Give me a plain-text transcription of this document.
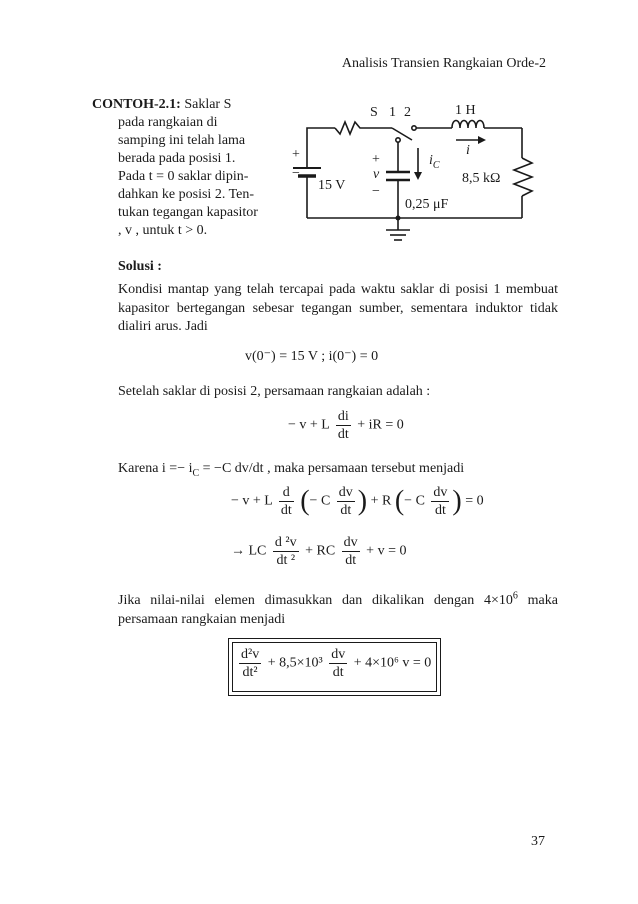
Analisis Transien Rangkaian Orde-2
CONTOH-2.1: Saklar S
pada rangkaian di
samping ini telah lama
berada pada posisi 1.
Pada t = 0 saklar dipin-
dahkan ke posisi 2. Ten-
tukan tegangan kapasitor
, v , untuk t > 0.
S 1 2	1 H
i
$i_C$
+
−
15 V
+
v
−
0,25 μF
8,5 kΩ
Solusi :
Kondisi mantap yang telah tercapai pada waktu saklar di posisi 1 membuat kapasitor bertegangan sebesar tegangan sumber, sementara induktor tidak dialiri arus. Jadi
v(0⁻) = 15 V ; i(0⁻) = 0
Setelah saklar di posisi 2, persamaan rangkaian adalah :
− v + L $\frac{di}{dt}$ + iR = 0
Karena $i =- i_C = -C$ dv/dt , maka persamaan tersebut menjadi
− v + L $\frac{d}{dt}$ (− C $\frac{dv}{dt}$ ) + R (− C $\frac{dv}{dt}$ ) = 0
→ LC $\frac{\text{d ²v}}{\text{dt ²}}$ + RC $\frac{dv}{dt} + v = 0$
Jika nilai-nilai elemen dimasukkan dan dikalikan dengan $4\times 10^6$ maka persamaan rangkaian menjadi
$\frac{\text{d²v}}{\text{dt²}} + 8,5\times 10^3 \frac{dv}{dt} + 4\times 10^6$ v = 0
37
